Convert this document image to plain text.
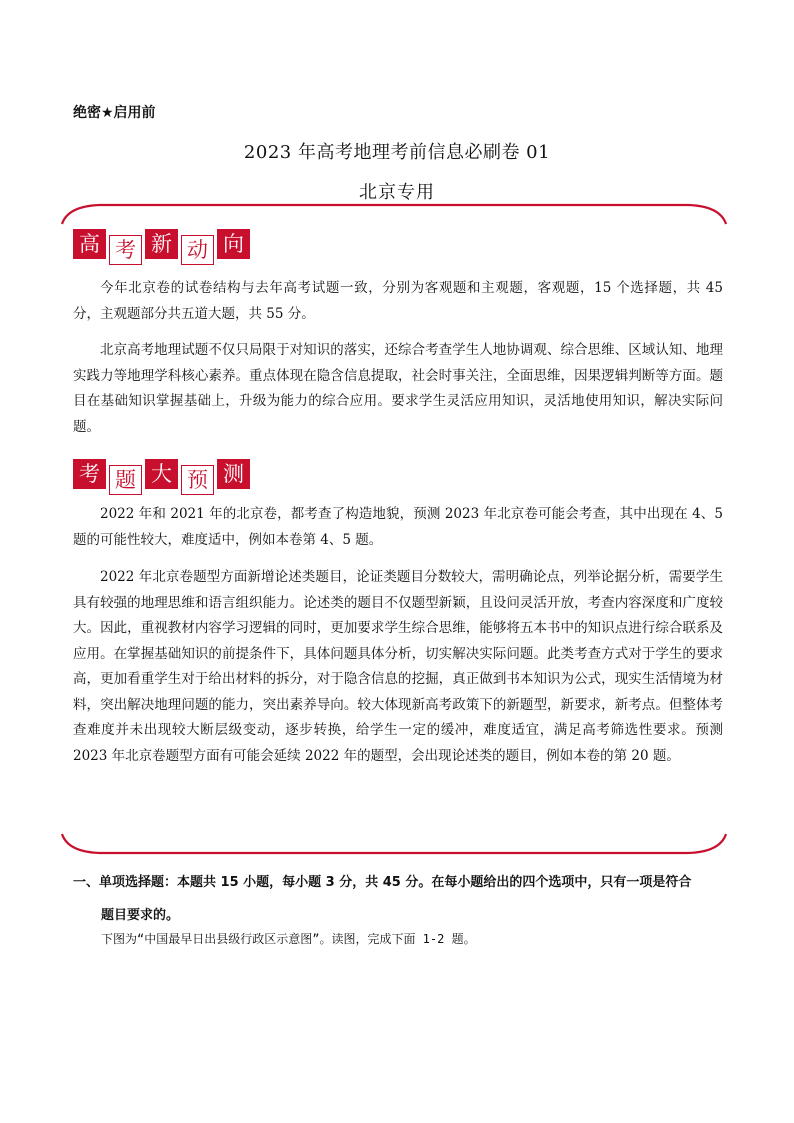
绝密★启用前
2023 年高考地理考前信息必刷卷 01
北京专用
高 考 新 动 向

今年北京卷的试卷结构与去年高考试题一致，分别为客观题和主观题，客观题，15 个选择题，共 45 分，主观题部分共五道大题，共 55 分。

北京高考地理试题不仅只局限于对知识的落实，还综合考查学生人地协调观、综合思维、区域认知、地理实践力等地理学科核心素养。重点体现在隐含信息提取，社会时事关注，全面思维，因果逻辑判断等方面。题目在基础知识掌握基础上，升级为能力的综合应用。要求学生灵活应用知识，灵活地使用知识，解决实际问题。

考 题 大 预 测

2022 年和 2021 年的北京卷，都考查了构造地貌，预测 2023 年北京卷可能会考查，其中出现在 4、5 题的可能性较大，难度适中，例如本卷第 4、5 题。

2022 年北京卷题型方面新增论述类题目，论证类题目分数较大，需明确论点，列举论据分析，需要学生具有较强的地理思维和语言组织能力。论述类的题目不仅题型新颖，且设问灵活开放，考查内容深度和广度较大。因此，重视教材内容学习逻辑的同时，更加要求学生综合思维，能够将五本书中的知识点进行综合联系及应用。在掌握基础知识的前提条件下，具体问题具体分析，切实解决实际问题。此类考查方式对于学生的要求高，更加看重学生对于给出材料的拆分，对于隐含信息的挖掘，真正做到书本知识为公式，现实生活情境为材料，突出解决地理问题的能力，突出素养导向。较大体现新高考政策下的新题型，新要求，新考点。但整体考查难度并未出现较大断层级变动，逐步转换，给学生一定的缓冲，难度适宜，满足高考筛选性要求。预测 2023 年北京卷题型方面有可能会延续 2022 年的题型，会出现论述类的题目，例如本卷的第 20 题。

一、单项选择题：本题共 15 小题，每小题 3 分，共 45 分。在每小题给出的四个选项中，只有一项是符合
题目要求的。

下图为“中国最早日出县级行政区示意图”。读图，完成下面 1-2 题。
